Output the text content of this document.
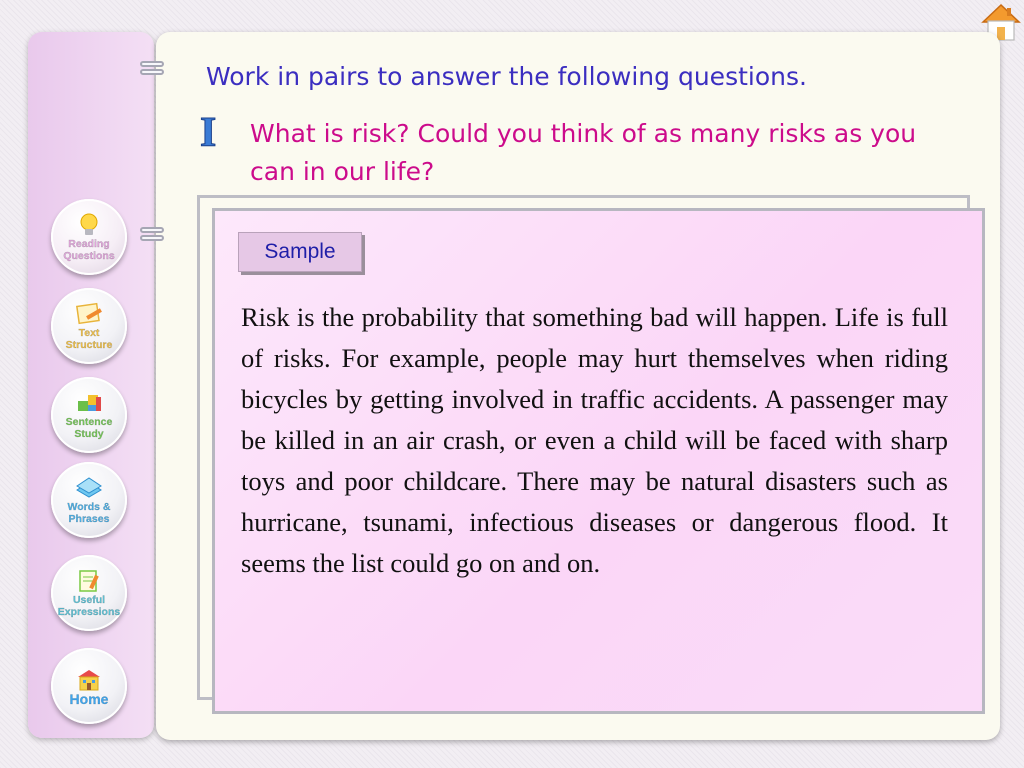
Reading
Questions
Text
Structure
Sentence
Study
Words &
Phrases
Useful
Expressions
Home
Work in pairs to answer the following questions.
I What is risk? Could you think of as many risks as you can in our life?
Sample
Risk is the probability that something bad will happen. Life is full of risks. For example, people may hurt themselves when riding bicycles by getting involved in traffic accidents. A passenger may be killed in an air crash, or even a child will be faced with sharp toys and poor childcare. There may be natural disasters such as hurricane, tsunami, infectious diseases or dangerous flood. It seems the list could go on and on.
